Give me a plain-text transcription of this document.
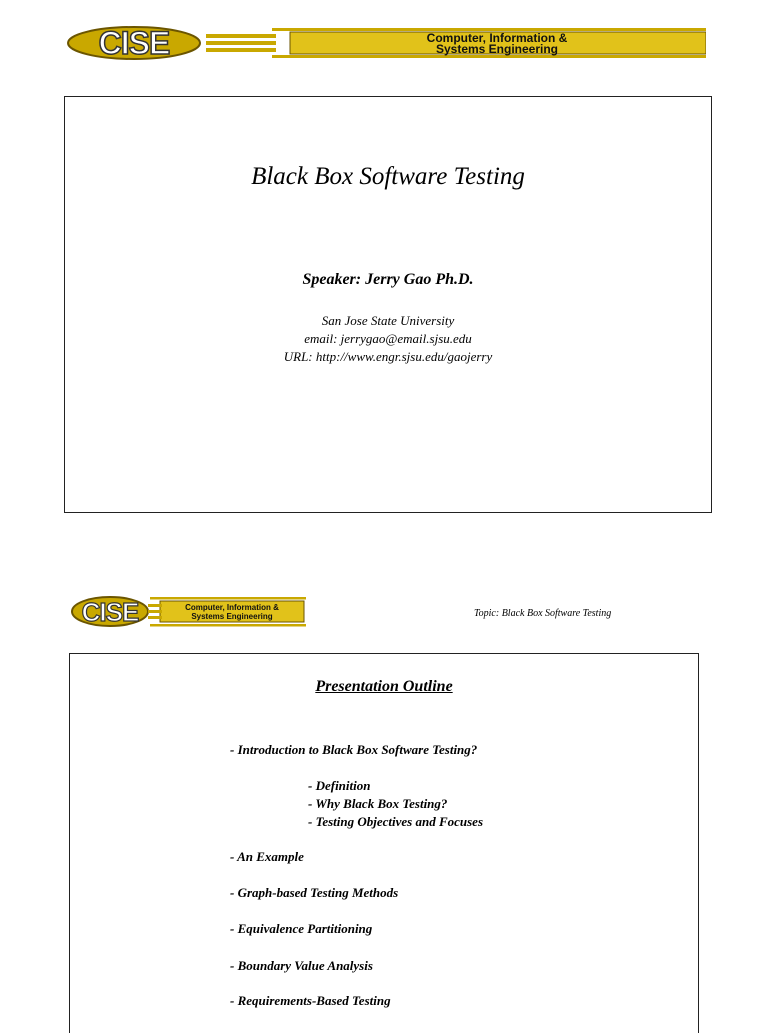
CISE	Computer, Information &
Systems Engineering
Black Box Software Testing
Speaker: Jerry Gao Ph.D.
San Jose State University
email: jerrygao@email.sjsu.edu
URL: http://www.engr.sjsu.edu/gaojerry
CISE	Computer, Information &
Systems Engineering	Topic: Black Box Software Testing
Presentation Outline
- Introduction to Black Box Software Testing?
- Definition
- Why Black Box Testing?
- Testing Objectives and Focuses
- An Example
- Graph-based Testing Methods
- Equivalence Partitioning
- Boundary Value Analysis
- Requirements-Based Testing
